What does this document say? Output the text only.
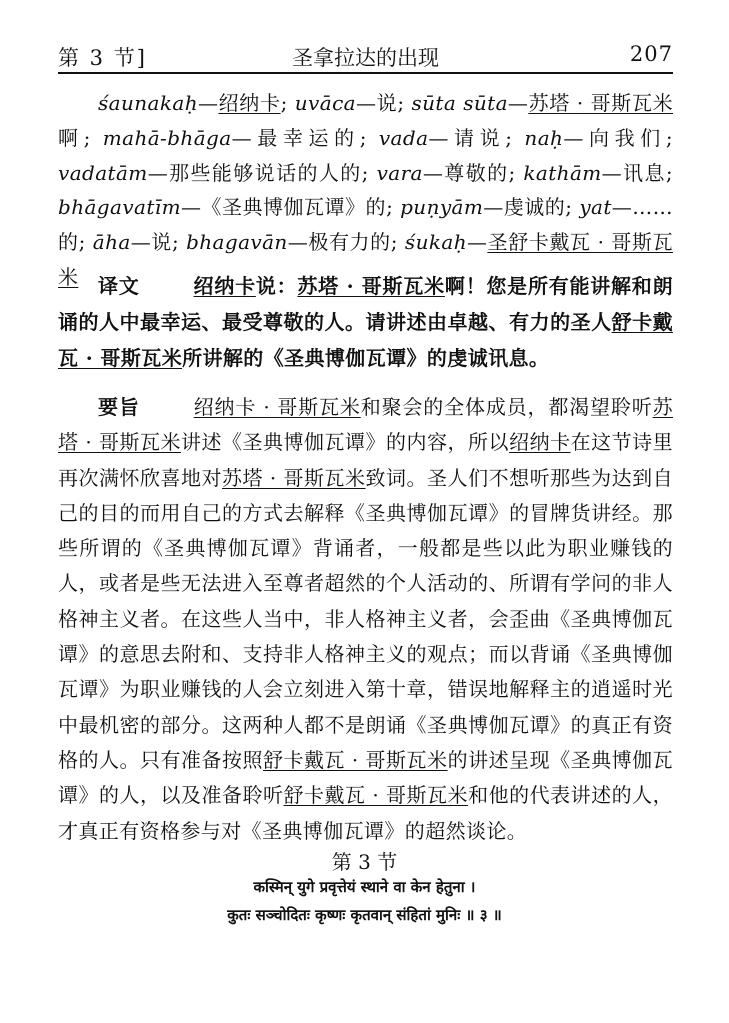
第 3 节]	圣拿拉达的出现	207
śaunakaḥ—绍纳卡; uvāca—说; sūta sūta—苏塔 · 哥斯瓦米啊; mahā-bhāga—最幸运的; vada—请说; naḥ—向我们; vadatām—那些能够说话的人的; vara—尊敬的; kathām—讯息; bhāgavatīm—《圣典博伽瓦谭》的; puṇyām—虔诚的; yat—……的; āha—说; bhagavān—极有力的; śukaḥ—圣舒卡戴瓦 · 哥斯瓦米 译文	绍纳卡说：苏塔 · 哥斯瓦米啊！您是所有能讲解和朗诵的人中最幸运、最受尊敬的人。请讲述由卓越、有力的圣人舒卡戴瓦 · 哥斯瓦米所讲解的《圣典博伽瓦谭》的虔诚讯息。
要旨	绍纳卡 · 哥斯瓦米和聚会的全体成员，都渴望聆听苏塔 · 哥斯瓦米讲述《圣典博伽瓦谭》的内容，所以绍纳卡在这节诗里再次满怀欣喜地对苏塔 · 哥斯瓦米致词。圣人们不想听那些为达到自己的目的而用自己的方式去解释《圣典博伽瓦谭》的冒牌货讲经。那些所谓的《圣典博伽瓦谭》背诵者，一般都是些以此为职业赚钱的人，或者是些无法进入至尊者超然的个人活动的、所谓有学问的非人格神主义者。在这些人当中，非人格神主义者，会歪曲《圣典博伽瓦谭》的意思去附和、支持非人格神主义的观点；而以背诵《圣典博伽瓦谭》为职业赚钱的人会立刻进入第十章，错误地解释主的逍遥时光中最机密的部分。这两种人都不是朗诵《圣典博伽瓦谭》的真正有资格的人。只有准备按照舒卡戴瓦 · 哥斯瓦米的讲述呈现《圣典博伽瓦谭》的人，以及准备聆听舒卡戴瓦 · 哥斯瓦米和他的代表讲述的人，才真正有资格参与对《圣典博伽瓦谭》的超然谈论。
第 3 节
कस्मिन् युगे प्रवृत्तेयं स्थाने वा केन हेतुना ।
कुतः सञ्चोदितः कृष्णः कृतवान् संहितां मुनिः ॥ ३ ॥
